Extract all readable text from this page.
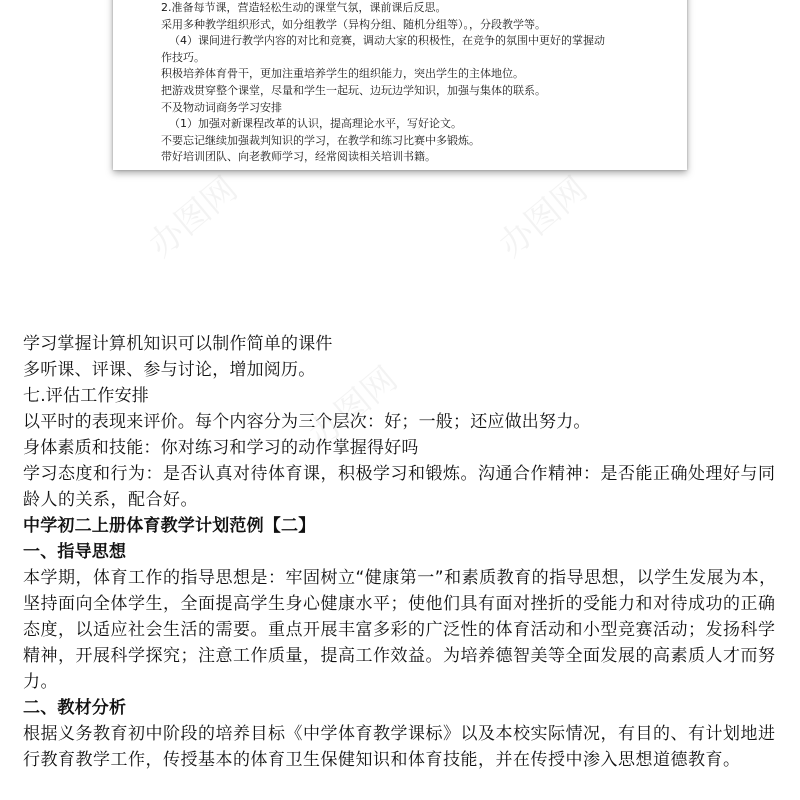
2.准备每节课，营造轻松生动的课堂气氛，课前课后反思。
采用多种教学组织形式，如分组教学（异构分组、随机分组等）。，分段教学等。
（4）课间进行教学内容的对比和竞赛，调动大家的积极性，在竞争的氛围中更好的掌握动
作技巧。
积极培养体育骨干，更加注重培养学生的组织能力，突出学生的主体地位。
把游戏贯穿整个课堂，尽量和学生一起玩、边玩边学知识，加强与集体的联系。
不及物动词商务学习安排
（1）加强对新课程改革的认识，提高理论水平，写好论文。
不要忘记继续加强裁判知识的学习，在教学和练习比赛中多锻炼。
带好培训团队、向老教师学习，经常阅读相关培训书籍。
办图网	办图网
办图网

学习掌握计算机知识可以制作简单的课件

多听课、评课、参与讨论，增加阅历。

七.评估工作安排

以平时的表现来评价。每个内容分为三个层次：好；一般；还应做出努力。

身体素质和技能：你对练习和学习的动作掌握得好吗

学习态度和行为：是否认真对待体育课，积极学习和锻炼。沟通合作精神：是否能正确处理好与同龄人的关系，配合好。

中学初二上册体育教学计划范例【二】

一、指导思想

本学期，体育工作的指导思想是：牢固树立“健康第一”和素质教育的指导思想，以学生发展为本，坚持面向全体学生，全面提高学生身心健康水平；使他们具有面对挫折的受能力和对待成功的正确态度，以适应社会生活的需要。重点开展丰富多彩的广泛性的体育活动和小型竞赛活动；发扬科学精神，开展科学探究；注意工作质量，提高工作效益。为培养德智美等全面发展的高素质人才而努力。

二、教材分析

根据义务教育初中阶段的培养目标《中学体育教学课标》以及本校实际情况，有目的、有计划地进行教育教学工作，传授基本的体育卫生保健知识和体育技能，并在传授中渗入思想道德教育。
